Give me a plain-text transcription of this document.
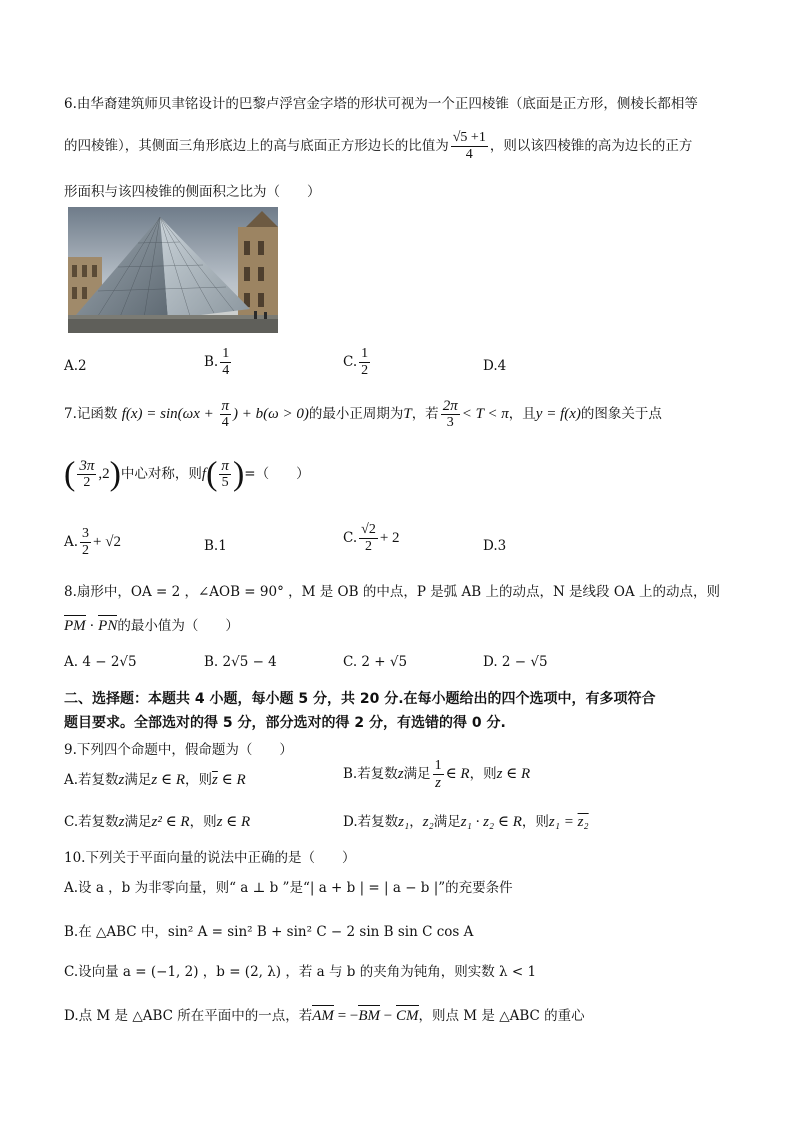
6.由华裔建筑师贝聿铭设计的巴黎卢浮宫金字塔的形状可视为一个正四棱锥（底面是正方形，侧棱长都相等
的四棱锥），其侧面三角形底边上的高与底面正方形边长的比值为 $\frac{√5 +1}{4}$ ，则以该四棱锥的高为边长的正方
形面积与该四棱锥的侧面积之比为（　　）
A.2	B. $\frac{1}{4}$	C. $\frac{1}{2}$	D.4
7.记函数 $f(x) = \sin(\omega x + \frac{\pi}{4}$ ) + b(ω > 0)的最小正周期为T，若 $\frac{2\pi}{3} < T < \pi$，且y = f(x)的图象关于点
( $\frac{3\pi}{2} ,2$)中心对称，则$f( \frac{\pi}{5}$ )=（　　）
A. $\frac{3}{2} + √2$	B.1	C. $\frac{√2}{2} + 2$	D.3
8.扇形中，OA = 2 ，∠AOB = 90° ，M 是 OB 的中点，P 是弧 AB 上的动点，N 是线段 OA 上的动点，则
PM · PN的最小值为（　　）
A. 4 − 2√5	B. 2√5 − 4	C. 2 + √5	D. 2 − √5
二、选择题：本题共 4 小题，每小题 5 分，共 20 分.在每小题给出的四个选项中，有多项符合
题目要求。全部选对的得 5 分，部分选对的得 2 分，有选错的得 0 分.
9.下列四个命题中，假命题为（　　）
A.若复数z满足z ∈ R，则$\overline{z}$ ∈ R	B.若复数z满足 $\frac{1}{z}$ ∈ R，则z ∈ R
C.若复数z满足z² ∈ R，则z ∈ R	D.若复数z₁，z₂满足z₁ · z₂ ∈ R，则z₁ = z₂
10.下列关于平面向量的说法中正确的是（　　）
A.设 a ，b 为非零向量，则“ a ⊥ b ”是“| a + b | = | a − b |”的充要条件
B.在 △ABC 中，sin² A = sin² B + sin² C − 2 sin B sin C cos A
C.设向量 a = (−1, 2) ，b = (2, λ) ，若 a 与 b 的夹角为钝角，则实数 λ < 1
D.点 M 是 △ABC 所在平面中的一点，若AM = −BM − CM，则点 M 是 △ABC 的重心
